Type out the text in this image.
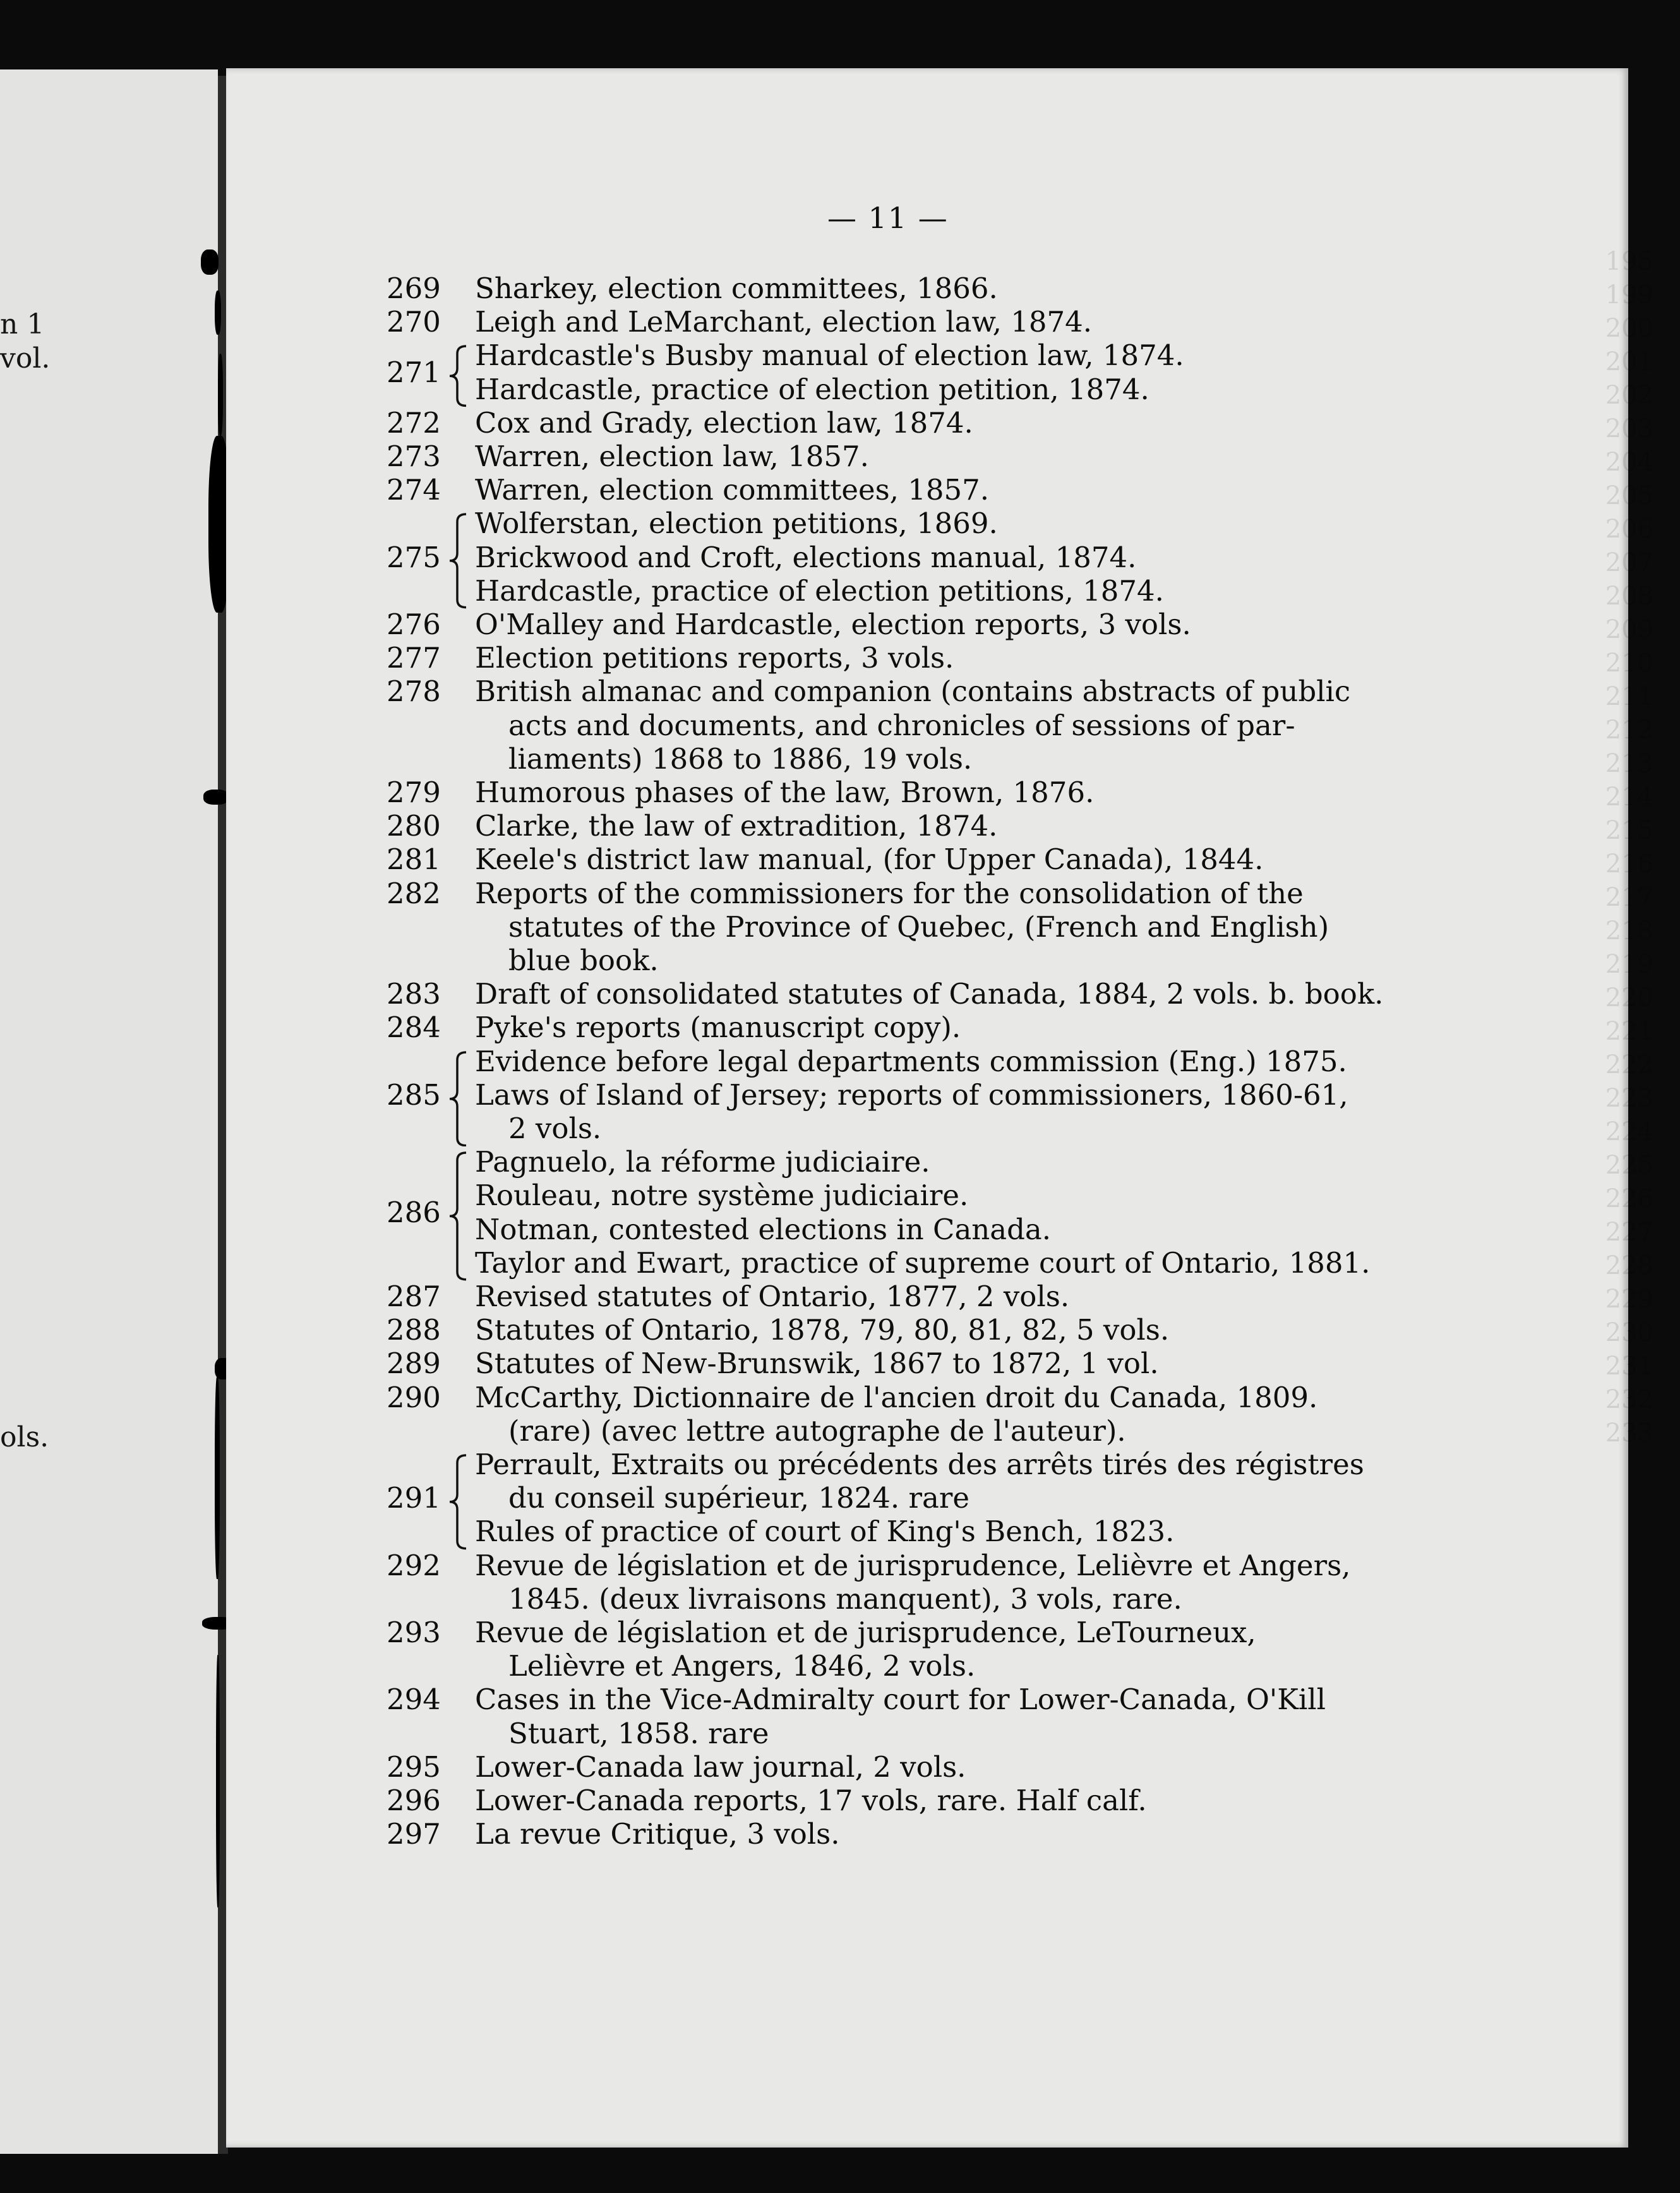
n 1
vol.
ols.
195
199
200
201
202
203
204
205
206
207
208
209
210
211
212
213
214
215
216
217
218
219
220
221
222
223
224
225
226
227
228
229
230
231
232
233
— 11 —
269 Sharkey, election committees, 1866.
270 Leigh and LeMarchant, election law, 1874.
271
Hardcastle's Busby manual of election law, 1874.
Hardcastle, practice of election petition, 1874.
272 Cox and Grady, election law, 1874.
273 Warren, election law, 1857.
274 Warren, election committees, 1857.
275
Wolferstan, election petitions, 1869.
Brickwood and Croft, elections manual, 1874.
Hardcastle, practice of election petitions, 1874.
276 O'Malley and Hardcastle, election reports, 3 vols.
277 Election petitions reports, 3 vols.
278 British almanac and companion (contains abstracts of public
acts and documents, and chronicles of sessions of par-
liaments) 1868 to 1886, 19 vols.
279 Humorous phases of the law, Brown, 1876.
280 Clarke, the law of extradition, 1874.
281 Keele's district law manual, (for Upper Canada), 1844.
282 Reports of the commissioners for the consolidation of the
statutes of the Province of Quebec, (French and English)
blue book.
283 Draft of consolidated statutes of Canada, 1884, 2 vols. b. book.
284 Pyke's reports (manuscript copy).
285
Evidence before legal departments commission (Eng.) 1875.
Laws of Island of Jersey; reports of commissioners, 1860-61,
2 vols.
286
Pagnuelo, la réforme judiciaire.
Rouleau, notre système judiciaire.
Notman, contested elections in Canada.
Taylor and Ewart, practice of supreme court of Ontario, 1881.
287 Revised statutes of Ontario, 1877, 2 vols.
288 Statutes of Ontario, 1878, 79, 80, 81, 82, 5 vols.
289 Statutes of New-Brunswik, 1867 to 1872, 1 vol.
290 McCarthy, Dictionnaire de l'ancien droit du Canada, 1809.
(rare) (avec lettre autographe de l'auteur).
291
Perrault, Extraits ou précédents des arrêts tirés des régistres
du conseil supérieur, 1824. rare
Rules of practice of court of King's Bench, 1823.
292 Revue de législation et de jurisprudence, Lelièvre et Angers,
1845. (deux livraisons manquent), 3 vols, rare.
293 Revue de législation et de jurisprudence, LeTourneux,
Lelièvre et Angers, 1846, 2 vols.
294 Cases in the Vice-Admiralty court for Lower-Canada, O'Kill
Stuart, 1858. rare
295 Lower-Canada law journal, 2 vols.
296 Lower-Canada reports, 17 vols, rare. Half calf.
297 La revue Critique, 3 vols.
